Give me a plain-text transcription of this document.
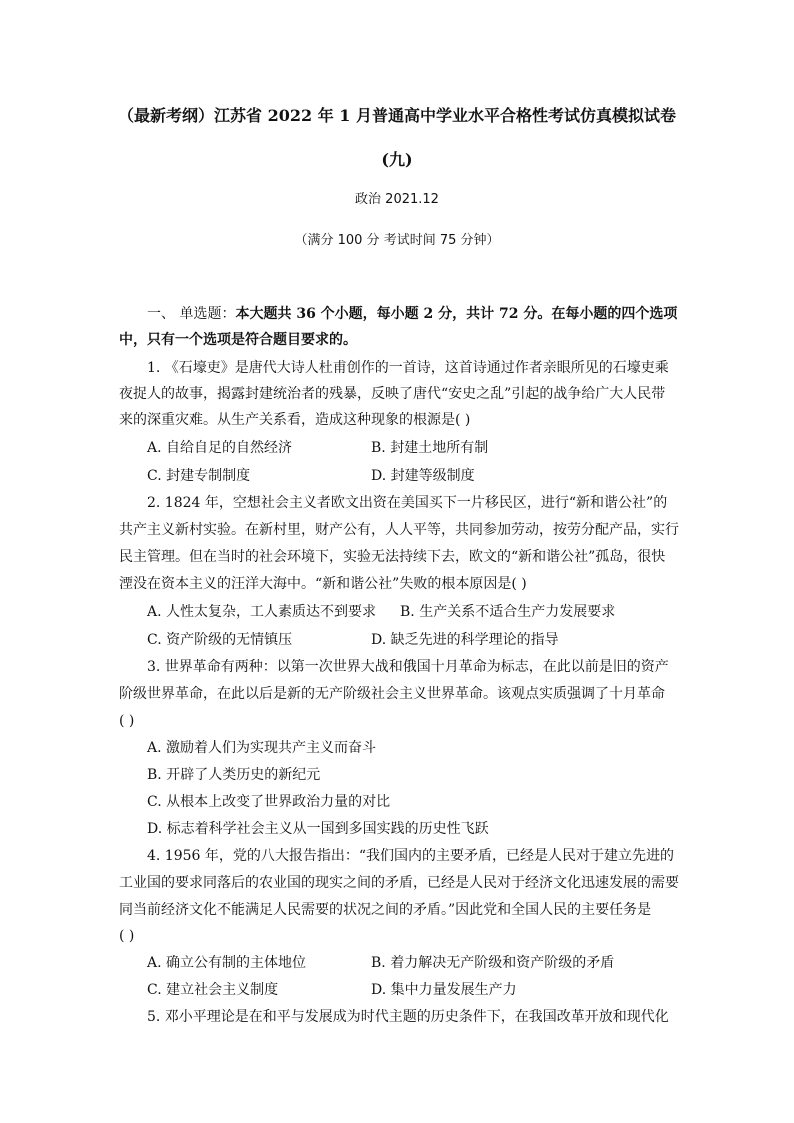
（最新考纲）江苏省 2022 年 1 月普通高中学业水平合格性考试仿真模拟试卷
(九)
政治 2021.12
（满分 100 分 考试时间 75 分钟）
一、 单选题：本大题共 36 个小题，每小题 2 分，共计 72 分。在每小题的四个选项
中，只有一个选项是符合题目要求的。
1. 《石壕吏》是唐代大诗人杜甫创作的一首诗，这首诗通过作者亲眼所见的石壕吏乘
夜捉人的故事，揭露封建统治者的残暴，反映了唐代“安史之乱”引起的战争给广大人民带
来的深重灾难。从生产关系看，造成这种现象的根源是( )
A. 自给自足的自然经济	B. 封建土地所有制
C. 封建专制制度	D. 封建等级制度
2. 1824 年，空想社会主义者欧文出资在美国买下一片移民区，进行“新和谐公社”的
共产主义新村实验。在新村里，财产公有，人人平等，共同参加劳动，按劳分配产品，实行
民主管理。但在当时的社会环境下，实验无法持续下去，欧文的“新和谐公社”孤岛，很快
湮没在资本主义的汪洋大海中。“新和谐公社”失败的根本原因是( )
A. 人性太复杂，工人素质达不到要求 B. 生产关系不适合生产力发展要求
C. 资产阶级的无情镇压	D. 缺乏先进的科学理论的指导
3. 世界革命有两种：以第一次世界大战和俄国十月革命为标志，在此以前是旧的资产
阶级世界革命，在此以后是新的无产阶级社会主义世界革命。该观点实质强调了十月革命
( )
A. 激励着人们为实现共产主义而奋斗
B. 开辟了人类历史的新纪元
C. 从根本上改变了世界政治力量的对比
D. 标志着科学社会主义从一国到多国实践的历史性飞跃
4. 1956 年，党的八大报告指出：“我们国内的主要矛盾，已经是人民对于建立先进的
工业国的要求同落后的农业国的现实之间的矛盾，已经是人民对于经济文化迅速发展的需要
同当前经济文化不能满足人民需要的状况之间的矛盾。”因此党和全国人民的主要任务是
( )
A. 确立公有制的主体地位	B. 着力解决无产阶级和资产阶级的矛盾
C. 建立社会主义制度	D. 集中力量发展生产力
5. 邓小平理论是在和平与发展成为时代主题的历史条件下，在我国改革开放和现代化
